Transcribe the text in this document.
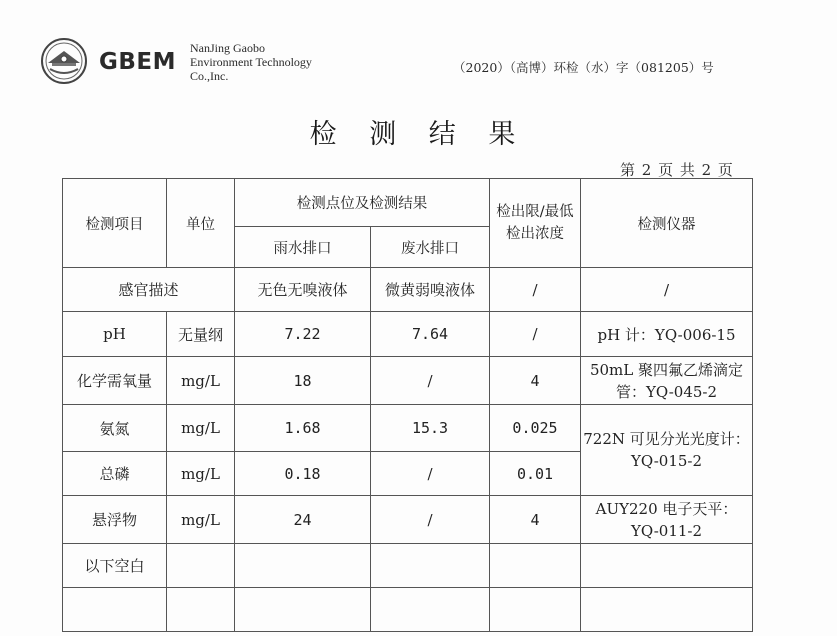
GBEM
NanJing Gaobo
Environment Technology
Co.,Inc.
（2020）（高博）环检（水）字（081205）号
检 测 结 果
第 2 页 共 2 页
检测项目	单位	检测点位及检测结果		检出限/最低检出浓度	检测仪器
		雨水排口	废水排口		
感官描述		无色无嗅液体	微黄弱嗅液体	/	/
pH	无量纲	7.22	7.64	/	pH 计：YQ-006-15
化学需氧量	mg/L	18	/	4	50mL 聚四氟乙烯滴定管：YQ-045-2
氨氮	mg/L	1.68	15.3	0.025	722N 可见分光光度计：YQ-015-2
总磷	mg/L	0.18	/	0.01	
悬浮物	mg/L	24	/	4	AUY220 电子天平：YQ-011-2
以下空白					
